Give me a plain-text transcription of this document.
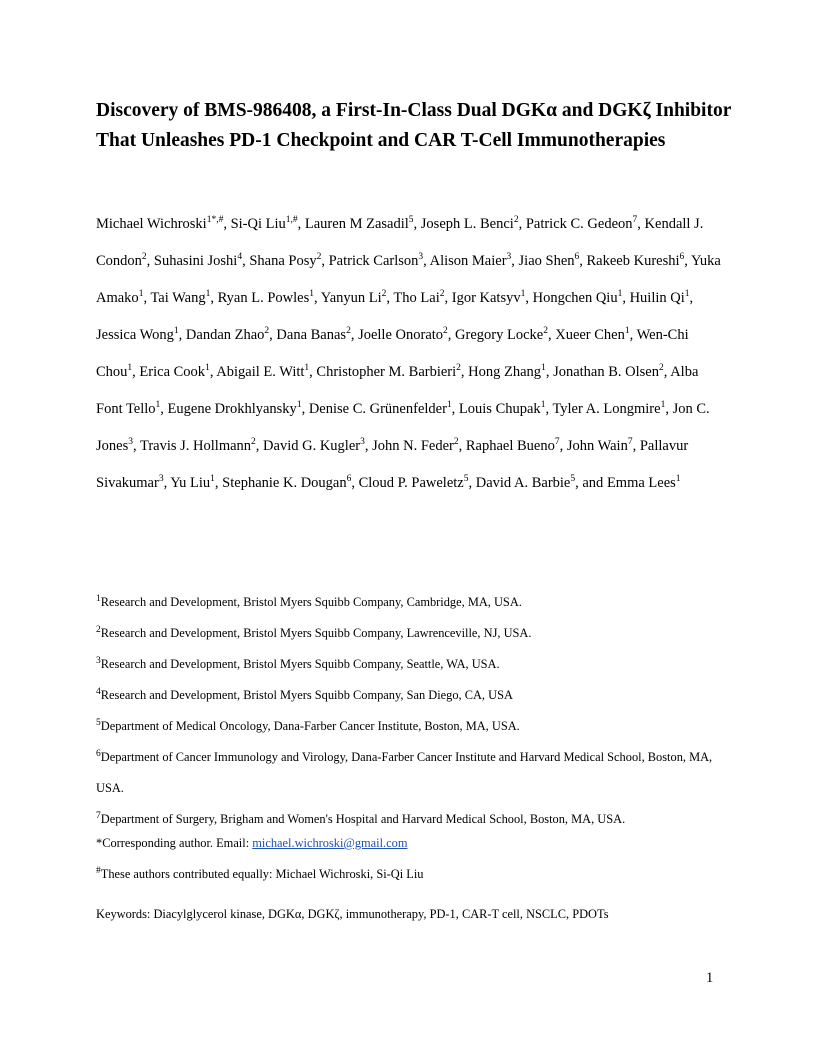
Discovery of BMS-986408, a First-In-Class Dual DGKα and DGKζ Inhibitor That Unleashes PD-1 Checkpoint and CAR T-Cell Immunotherapies

Michael Wichroski$^{1*,\#}$, Si-Qi Liu$^{1,\#}$, Lauren M Zasadil$^5$, Joseph L. Benci$^2$, Patrick C. Gedeon$^7$, Kendall J. Condon$^2$, Suhasini Joshi$^4$, Shana Posy$^2$, Patrick Carlson$^3$, Alison Maier$^3$, Jiao Shen$^6$, Rakeeb Kureshi$^6$, Yuka Amako$^1$, Tai Wang$^1$, Ryan L. Powles$^1$, Yanyun Li$^2$, Tho Lai$^2$, Igor Katsyv$^1$, Hongchen Qiu$^1$, Huilin Qi$^1$, Jessica Wong$^1$, Dandan Zhao$^2$, Dana Banas$^2$, Joelle Onorato$^2$, Gregory Locke$^2$, Xueer Chen$^1$, Wen-Chi Chou$^1$, Erica Cook$^1$, Abigail E. Witt$^1$, Christopher M. Barbieri$^2$, Hong Zhang$^1$, Jonathan B. Olsen$^2$, Alba Font Tello$^1$, Eugene Drokhlyansky$^1$, Denise C. Grünenfelder$^1$, Louis Chupak$^1$, Tyler A. Longmire$^1$, Jon C. Jones$^3$, Travis J. Hollmann$^2$, David G. Kugler$^3$, John N. Feder$^2$, Raphael Bueno$^7$, John Wain$^7$, Pallavur Sivakumar$^3$, Yu Liu$^1$, Stephanie K. Dougan$^6$, Cloud P. Paweletz$^5$, David A. Barbie$^5$, and Emma Lees$^1$

$^1$Research and Development, Bristol Myers Squibb Company, Cambridge, MA, USA.
$^2$Research and Development, Bristol Myers Squibb Company, Lawrenceville, NJ, USA.
$^3$Research and Development, Bristol Myers Squibb Company, Seattle, WA, USA.
$^4$Research and Development, Bristol Myers Squibb Company, San Diego, CA, USA
$^5$Department of Medical Oncology, Dana-Farber Cancer Institute, Boston, MA, USA.
$^6$Department of Cancer Immunology and Virology, Dana-Farber Cancer Institute and Harvard Medical School, Boston, MA, USA.
$^7$Department of Surgery, Brigham and Women's Hospital and Harvard Medical School, Boston, MA, USA.

*Corresponding author. Email: michael.wichroski@gmail.com

#These authors contributed equally: Michael Wichroski, Si-Qi Liu

Keywords: Diacylglycerol kinase, DGKα, DGKζ, immunotherapy, PD-1, CAR-T cell, NSCLC, PDOTs

1
